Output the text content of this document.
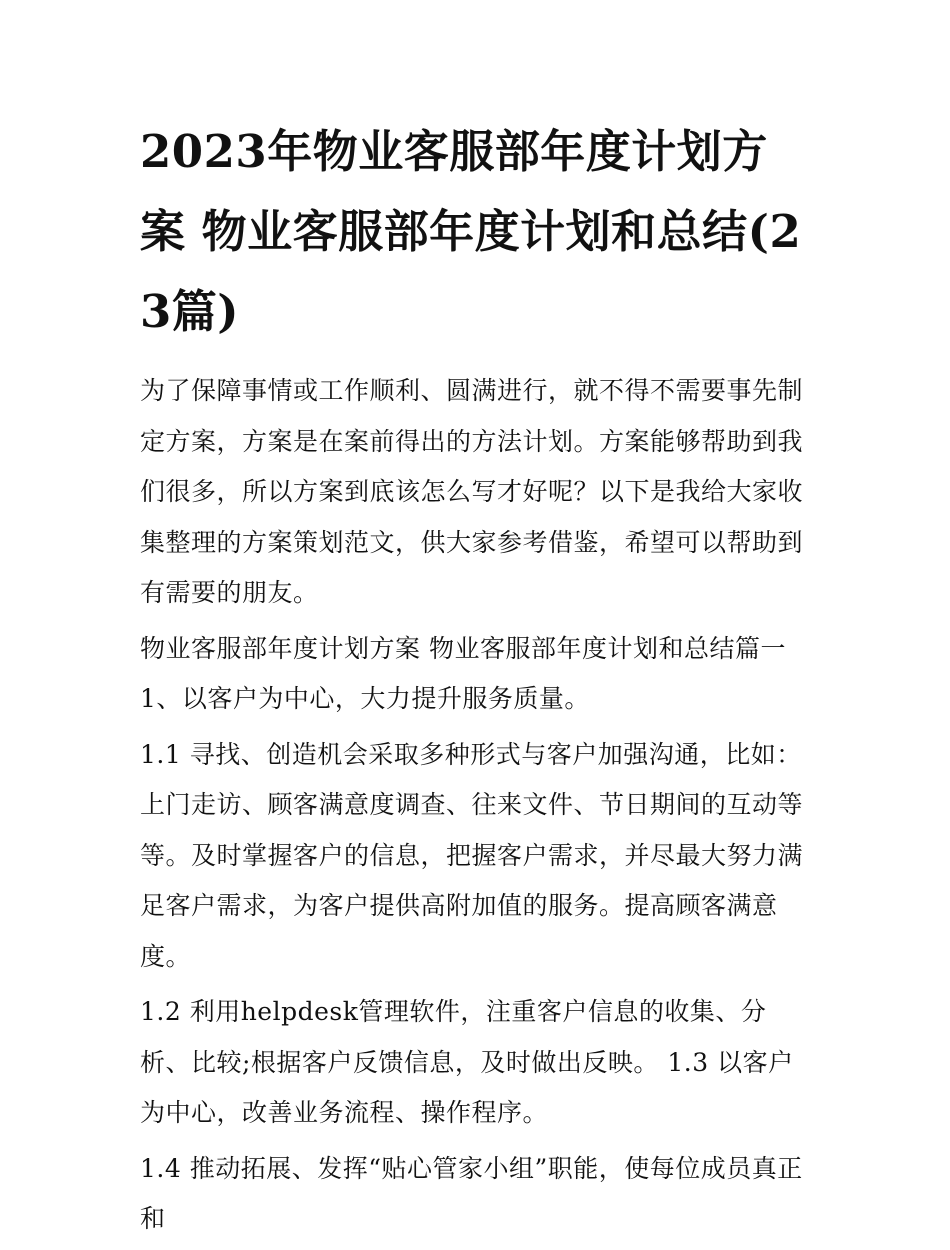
2023年物业客服部年度计划方案 物业客服部年度计划和总结(23篇)

为了保障事情或工作顺利、圆满进行，就不得不需要事先制定方案，方案是在案前得出的方法计划。方案能够帮助到我们很多，所以方案到底该怎么写才好呢？以下是我给大家收集整理的方案策划范文，供大家参考借鉴，希望可以帮助到有需要的朋友。

物业客服部年度计划方案 物业客服部年度计划和总结篇一 1、以客户为中心，大力提升服务质量。

1.1 寻找、创造机会采取多种形式与客户加强沟通，比如：上门走访、顾客满意度调查、往来文件、节日期间的互动等等。及时掌握客户的信息，把握客户需求，并尽最大努力满足客户需求，为客户提供高附加值的服务。提高顾客满意度。

1.2 利用helpdesk管理软件，注重客户信息的收集、分析、比较;根据客户反馈信息，及时做出反映。 1.3 以客户为中心，改善业务流程、操作程序。

1.4 推动拓展、发挥“贴心管家小组”职能，使每位成员真正和
